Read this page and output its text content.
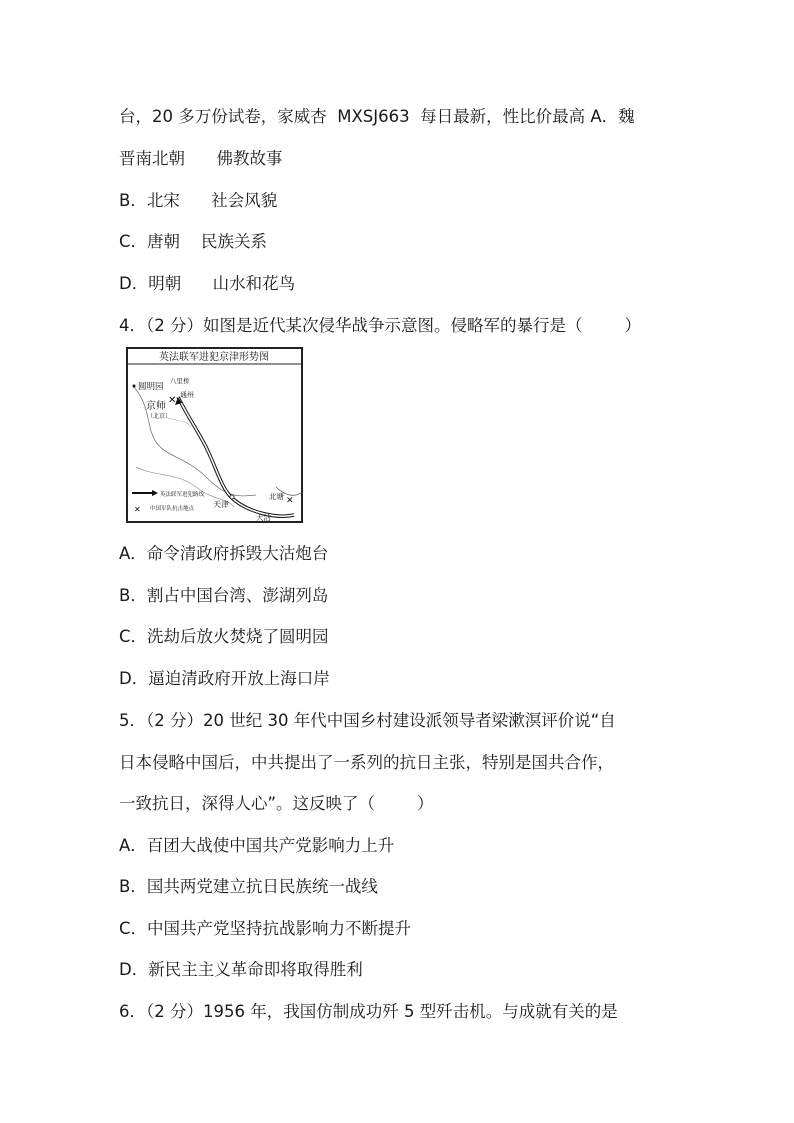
台，20 多万份试卷，家威杏  MXSJ663  每日最新，性比价最高 A．魏
晋南北朝      佛教故事
B．北宋      社会风貌
C．唐朝    民族关系
D．明朝      山水和花鸟
4．（2 分）如图是近代某次侵华战争示意图。侵略军的暴行是（        ）
英法联军进犯京津形势图
✕
✕
圆明园
京师
（北京）
八里桥
通州
天津
北塘
大沽
英法联军进犯路线
✕ 中国军队抗击地点
A．命令清政府拆毁大沽炮台
B．割占中国台湾、澎湖列岛
C．洗劫后放火焚烧了圆明园
D．逼迫清政府开放上海口岸
5．（2 分）20 世纪 30 年代中国乡村建设派领导者梁漱溟评价说“自
日本侵略中国后，中共提出了一系列的抗日主张，特别是国共合作，
一致抗日，深得人心”。这反映了（        ）
A．百团大战使中国共产党影响力上升
B．国共两党建立抗日民族统一战线
C．中国共产党坚持抗战影响力不断提升
D．新民主主义革命即将取得胜利
6．（2 分）1956 年，我国仿制成功歼 5 型歼击机。与成就有关的是
